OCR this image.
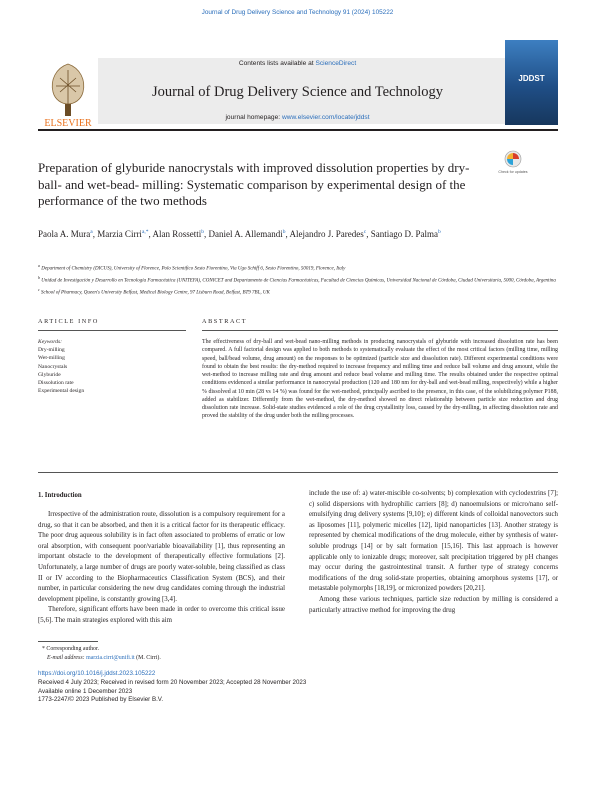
Journal of Drug Delivery Science and Technology 91 (2024) 105222
Contents lists available at ScienceDirect
Journal of Drug Delivery Science and Technology
journal homepage: www.elsevier.com/locate/jddst
ELSEVIER
JDDST
Preparation of glyburide nanocrystals with improved dissolution properties by dry-ball- and wet-bead- milling: Systematic comparison by experimental design of the performance of the two methods
Check for updates
Paola A. Mura$^a$, Marzia Cirri$^{a,*}$, Alan Rossetti$^b$, Daniel A. Allemandi$^b$, Alejandro J. Paredes$^c$, Santiago D. Palma$^b$
$^a$ Department of Chemistry (DICUS), University of Florence, Polo Scientifico Sesto Fiorentino, Via Ugo Schiff 6, Sesto Fiorentino, 50019, Florence, Italy
$^b$ Unidad de Investigación y Desarrollo en Tecnología Farmacéutica (UNITEFA), CONICET and Departamento de Ciencias Farmacéuticas, Facultad de Ciencias Químicas, Universidad Nacional de Córdoba, Ciudad Universitaria, 5000, Córdoba, Argentina
$^c$ School of Pharmacy, Queen's University Belfast, Medical Biology Centre, 97 Lisburn Road, Belfast, BT9 7BL, UK
ARTICLE INFO	ABSTRACT
Keywords:
Dry-milling
Wet-milling
Nanocrystals
Glyburide
Dissolution rate
Experimental design
The effectiveness of dry-ball and wet-bead nano-milling methods in producing nanocrystals of glyburide with increased dissolution rate has been compared. A full factorial design was applied to both methods to systematically evaluate the effect of the most critical factors (milling time, milling speed, ball/bead volume, drug amount) on the responses to be optimized (particle size and dissolution rate). Different experimental conditions were found to obtain the best results: the dry-method required to increase frequency and milling time and reduce ball volume and drug amount, while the wet-method to increase milling rate and drug amount and reduce bead volume and milling time. The results obtained under the respective optimal conditions evidenced a similar performance in nanocrystal production (120 and 180 nm for dry-ball and wet-bead milling, respectively) while a higher % dissolved at 10 min (28 vs 14 %) was found for the wet-method, principally ascribed to the presence, in this case, of the solubilizing polymer P188, added as stabilizer. Differently from the wet-method, the dry-method showed no direct relationship between particle size reduction and drug dissolution rate increase. Solid-state studies evidenced a role of the drug crystallinity loss, caused by the dry-milling, in affecting dissolution rate and proved the stability of the drug under both the milling processes.
1. Introduction

Irrespective of the administration route, dissolution is a compulsory requirement for a drug, so that it can be absorbed, and then it is a critical factor for its therapeutic efficacy. The poor drug aqueous solubility is in fact often associated to problems of erratic or low oral absorption, with consequent poor/variable bioavailability [1], thus representing an important obstacle to the development of therapeutically effective formulations [2]. Unfortunately, a large number of drugs are poorly water-soluble, being classified as class II or IV according to the Biopharmaceutics Classification System (BCS), and their number, in particular considering the new drug candidates coming through the industrial development pipeline, is constantly growing [3,4].

Therefore, significant efforts have been made in order to overcome this critical issue [5,6]. The main strategies explored with this aim

include the use of: a) water-miscible co-solvents; b) complexation with cyclodextrins [7]; c) solid dispersions with hydrophilic carriers [8]; d) nanoemulsions or micro/nano self-emulsifying drug delivery systems [9,10]; e) different kinds of colloidal nanovectors such as liposomes [11], polymeric micelles [12], lipid nanoparticles [13]. Another strategy is represented by chemical modifications of the drug molecule, either by synthesis of water-soluble prodrugs [14] or by salt formation [15,16]. This last approach is however applicable only to ionizable drugs; moreover, salt precipitation triggered by pH changes may occur during the gastrointestinal transit. A further type of strategy concerns modifications of the drug solid-state properties, obtaining amorphous systems [17], or metastable polymorphs [18,19], or micronized powders [20,21].

Among these various techniques, particle size reduction by milling is considered a particularly attractive method for improving the drug

* Corresponding author.
E-mail address: marzia.cirri@unifi.it (M. Cirri).
https://doi.org/10.1016/j.jddst.2023.105222
Received 4 July 2023; Received in revised form 20 November 2023; Accepted 28 November 2023
Available online 1 December 2023
1773-2247/© 2023 Published by Elsevier B.V.
